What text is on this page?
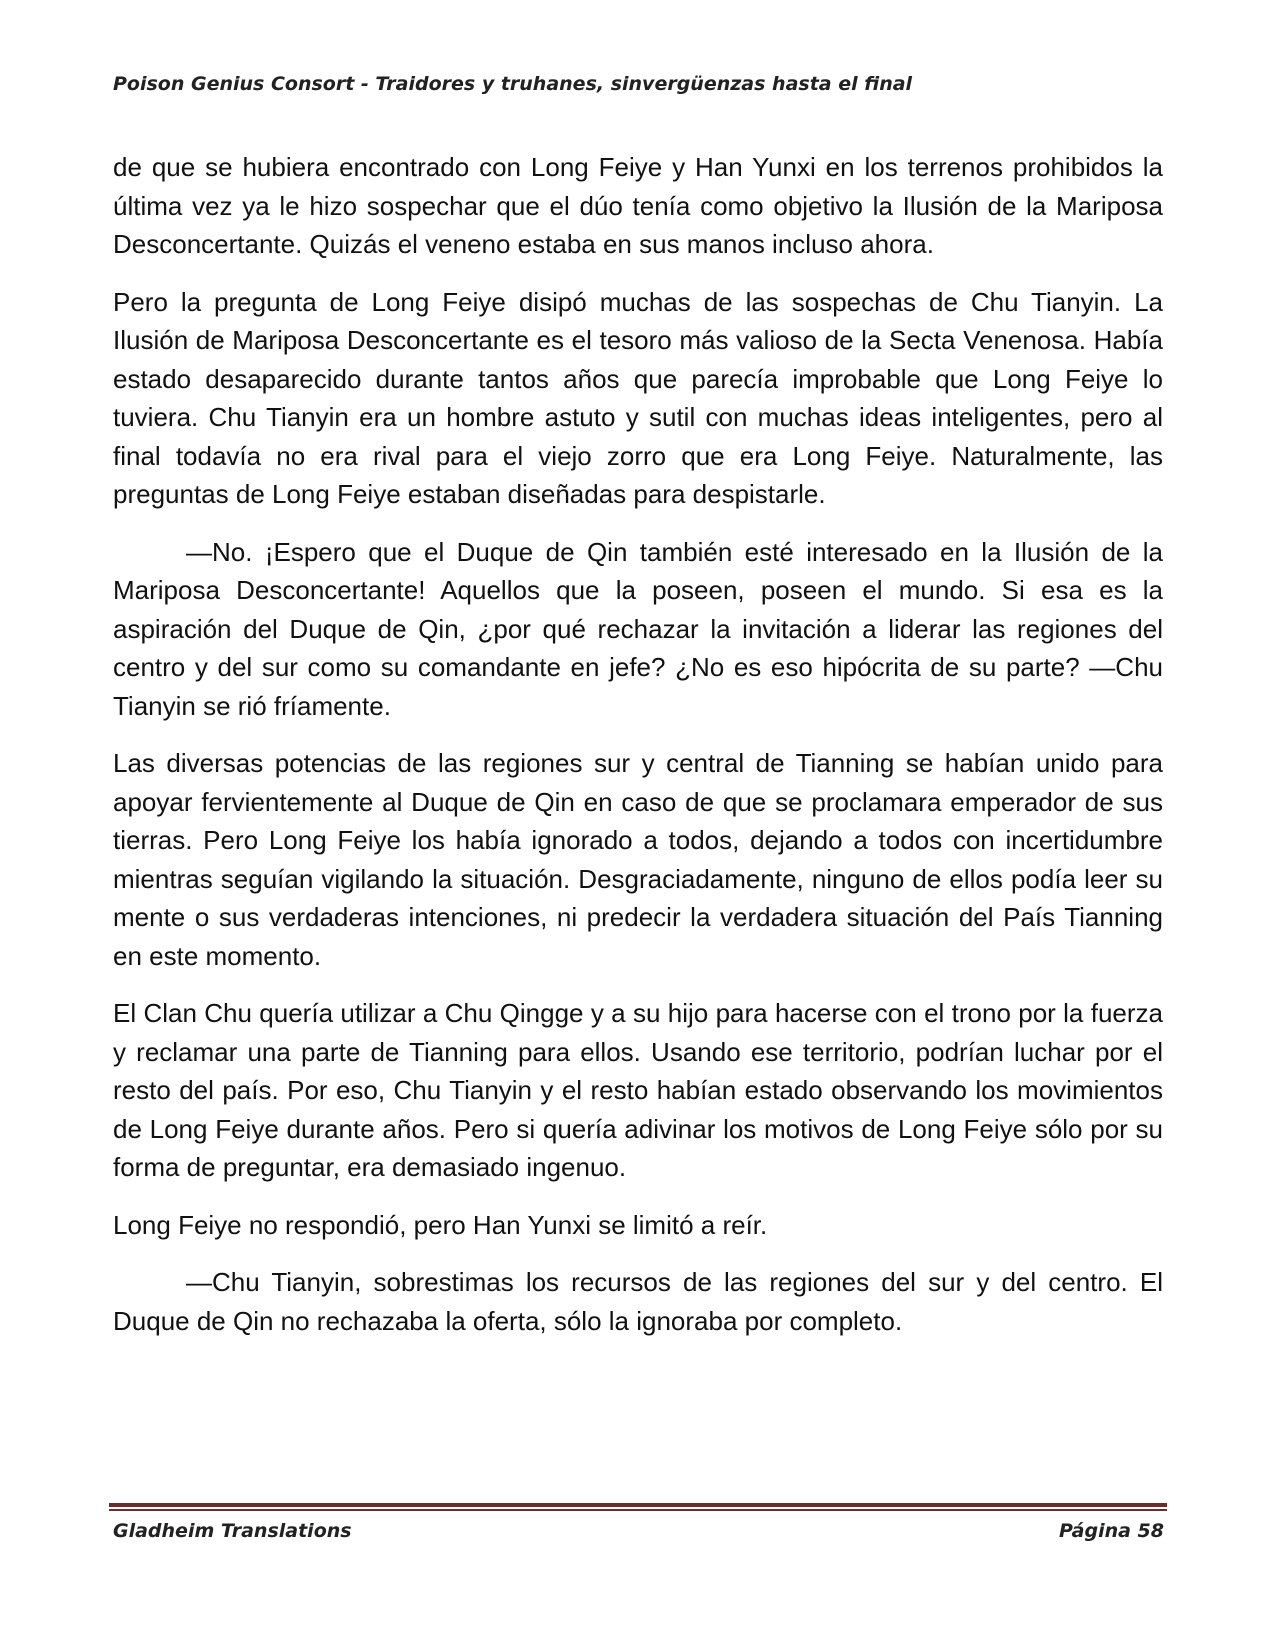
Poison Genius Consort - Traidores y truhanes, sinvergüenzas hasta el final

de que se hubiera encontrado con Long Feiye y Han Yunxi en los terrenos prohibidos la última vez ya le hizo sospechar que el dúo tenía como objetivo la Ilusión de la Mariposa Desconcertante. Quizás el veneno estaba en sus manos incluso ahora.

Pero la pregunta de Long Feiye disipó muchas de las sospechas de Chu Tianyin. La Ilusión de Mariposa Desconcertante es el tesoro más valioso de la Secta Venenosa. Había estado desaparecido durante tantos años que parecía improbable que Long Feiye lo tuviera. Chu Tianyin era un hombre astuto y sutil con muchas ideas inteligentes, pero al final todavía no era rival para el viejo zorro que era Long Feiye. Naturalmente, las preguntas de Long Feiye estaban diseñadas para despistarle.

—No. ¡Espero que el Duque de Qin también esté interesado en la Ilusión de la Mariposa Desconcertante! Aquellos que la poseen, poseen el mundo. Si esa es la aspiración del Duque de Qin, ¿por qué rechazar la invitación a liderar las regiones del centro y del sur como su comandante en jefe? ¿No es eso hipócrita de su parte? —Chu Tianyin se rió fríamente.

Las diversas potencias de las regiones sur y central de Tianning se habían unido para apoyar fervientemente al Duque de Qin en caso de que se proclamara emperador de sus tierras. Pero Long Feiye los había ignorado a todos, dejando a todos con incertidumbre mientras seguían vigilando la situación. Desgraciadamente, ninguno de ellos podía leer su mente o sus verdaderas intenciones, ni predecir la verdadera situación del País Tianning en este momento.

El Clan Chu quería utilizar a Chu Qingge y a su hijo para hacerse con el trono por la fuerza y reclamar una parte de Tianning para ellos. Usando ese territorio, podrían luchar por el resto del país. Por eso, Chu Tianyin y el resto habían estado observando los movimientos de Long Feiye durante años. Pero si quería adivinar los motivos de Long Feiye sólo por su forma de preguntar, era demasiado ingenuo.

Long Feiye no respondió, pero Han Yunxi se limitó a reír.

—Chu Tianyin, sobrestimas los recursos de las regiones del sur y del centro. El Duque de Qin no rechazaba la oferta, sólo la ignoraba por completo.

Gladheim Translations	Página 58
